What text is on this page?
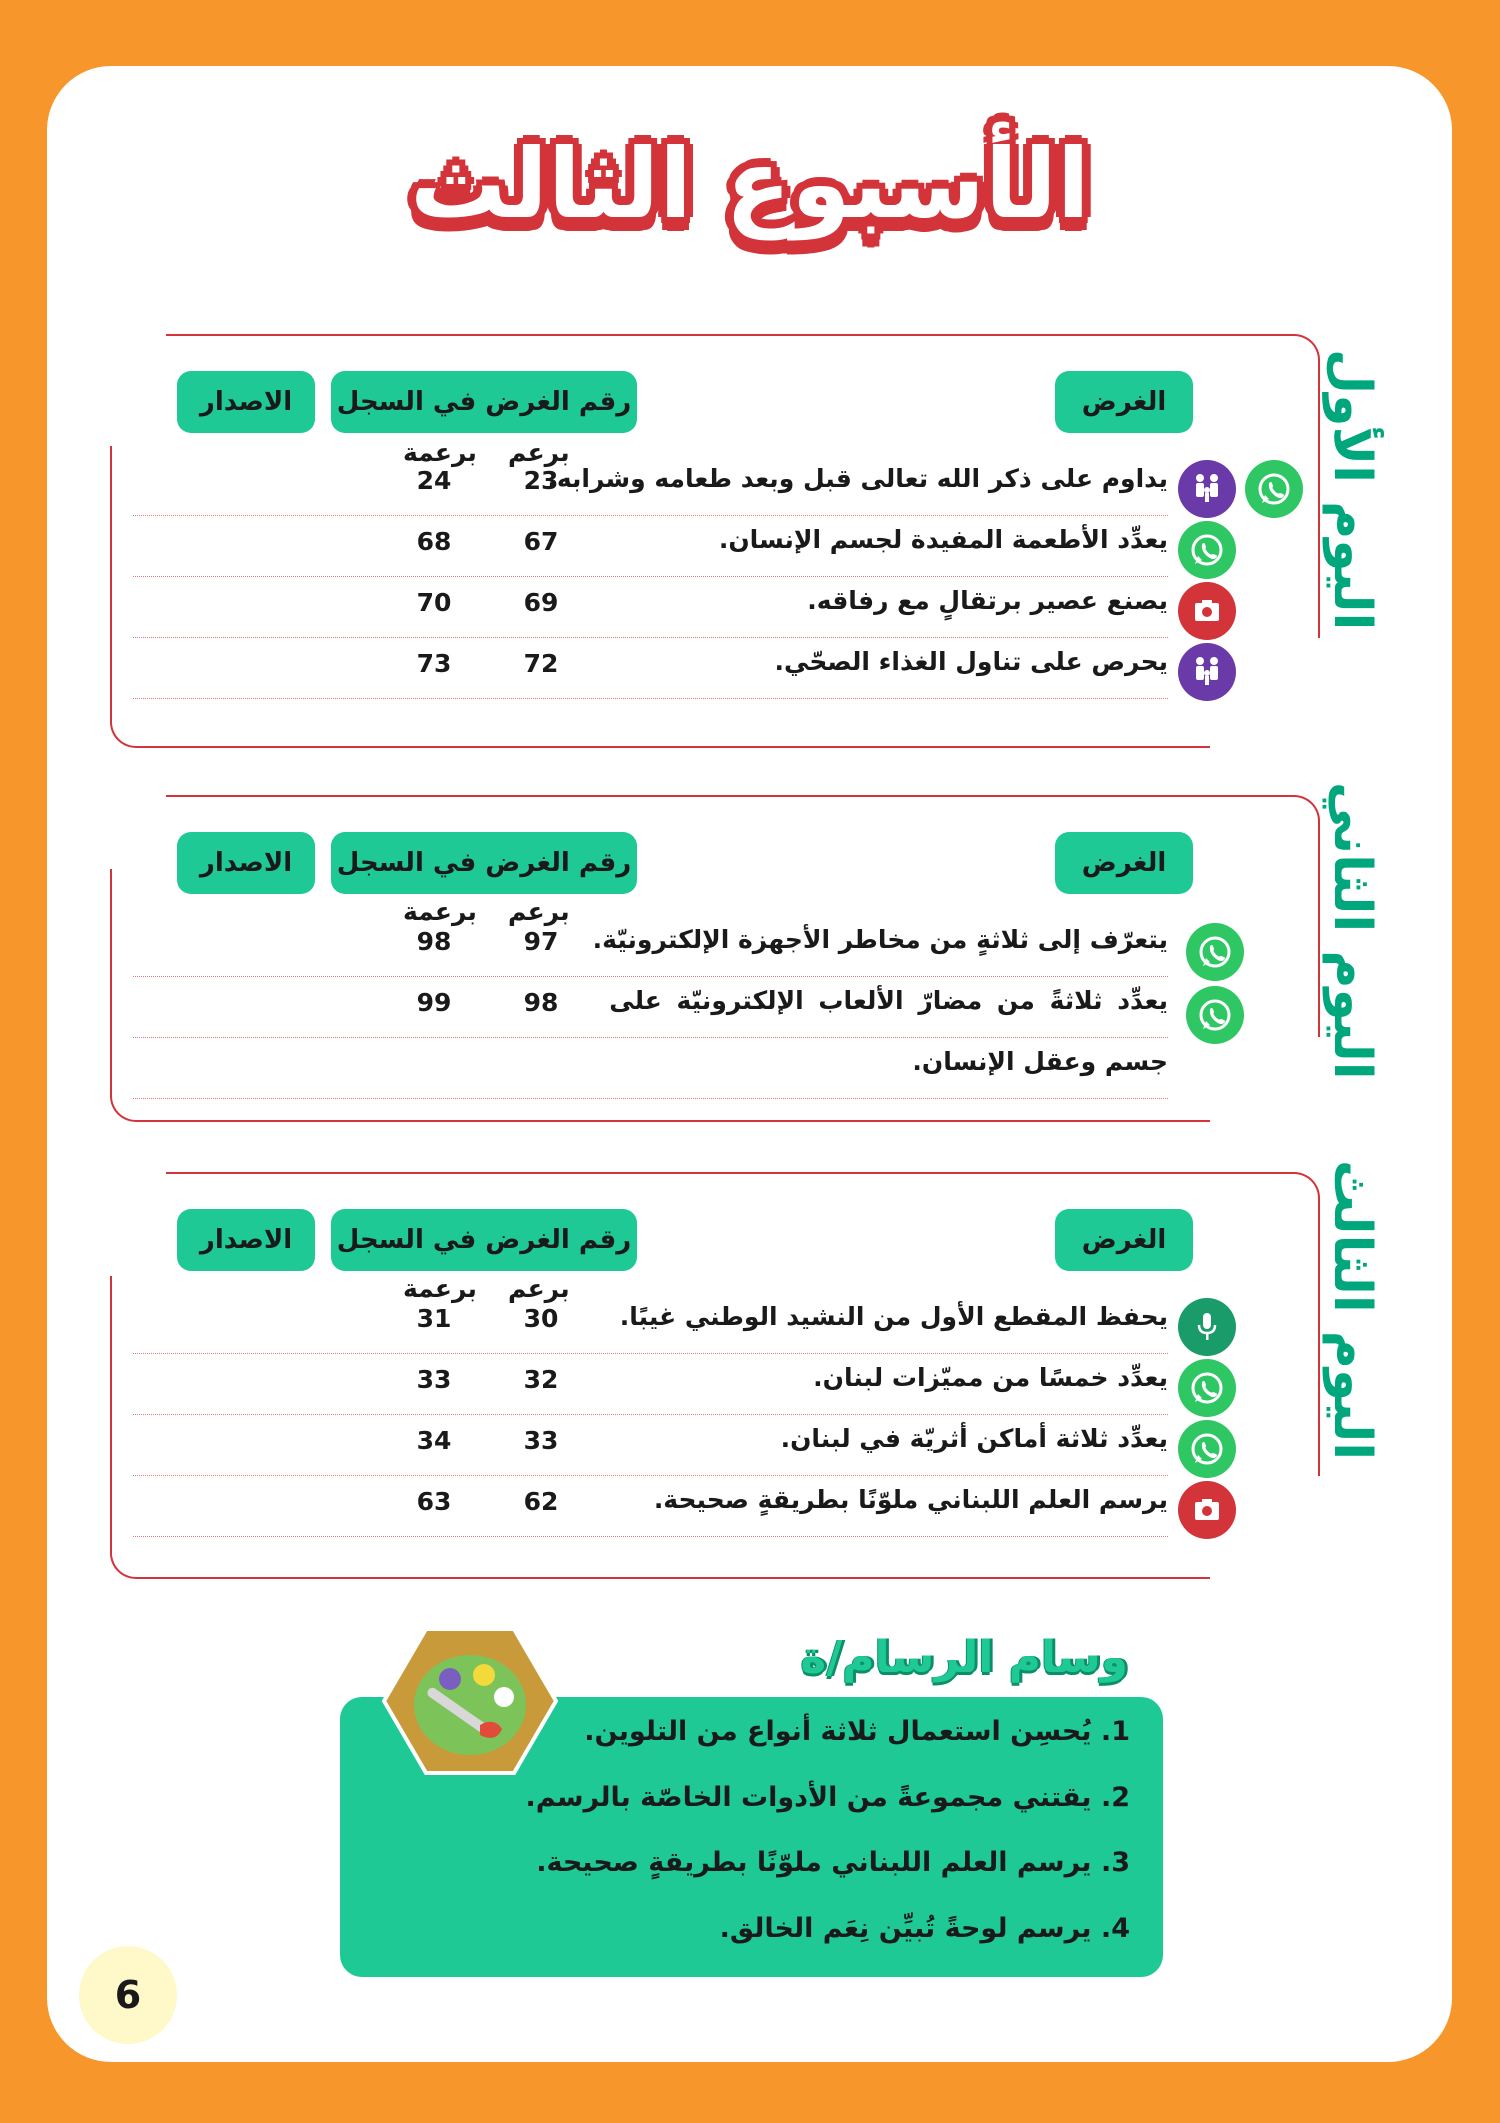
الأسبوع الثالث
اليوم الأول
الغرض
رقم الغرض في السجل
الاصدار
برعم
برعمة
يداوم على ذكر الله تعالى قبل وبعد طعامه وشرابه.
23
24
يعدِّد الأطعمة المفيدة لجسم الإنسان.
67
68
يصنع عصير برتقالٍ مع رفاقه.
69
70
يحرص على تناول الغذاء الصحّي.
72
73
اليوم الثاني
الغرض
رقم الغرض في السجل
الاصدار
برعم
برعمة
يتعرّف إلى ثلاثةٍ من مخاطر الأجهزة الإلكترونيّة.
97
98
يعدِّد ثلاثةً من مضارّ الألعاب الإلكترونيّة على
98
99
جسم وعقل الإنسان.
اليوم الثالث
الغرض
رقم الغرض في السجل
الاصدار
برعم
برعمة
يحفظ المقطع الأول من النشيد الوطني غيبًا.
30
31
يعدِّد خمسًا من مميّزات لبنان.
32
33
يعدِّد ثلاثة أماكن أثريّة في لبنان.
33
34
يرسم العلم اللبناني ملوّنًا بطريقةٍ صحيحة.
62
63
وسام الرسام/ة
1. يُحسِن استعمال ثلاثة أنواع من التلوين.
2. يقتني مجموعةً من الأدوات الخاصّة بالرسم.
3. يرسم العلم اللبناني ملوّنًا بطريقةٍ صحيحة.
4. يرسم لوحةً تُبيِّن نِعَم الخالق.
6
